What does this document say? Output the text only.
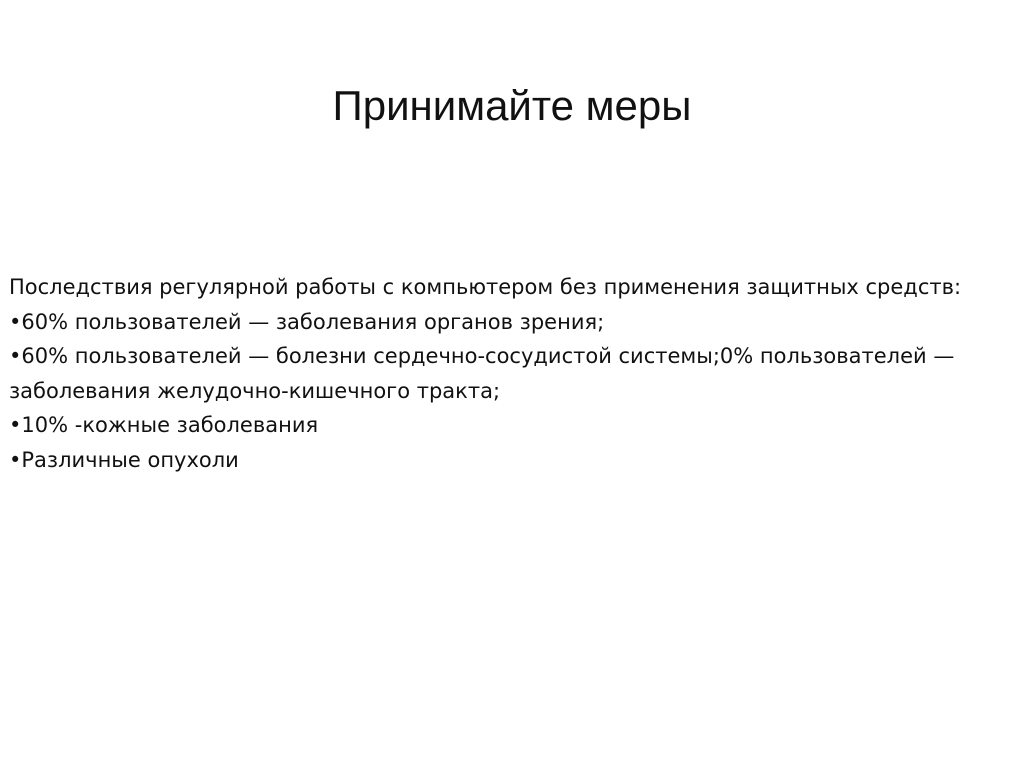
Принимайте меры

Последствия регулярной работы с компьютером без применения защитных средств:

•60% пользователей — заболевания органов зрения;

•60% пользователей — болезни сердечно-сосудистой системы;0% пользователей — заболевания желудочно-кишечного тракта;

•10% -кожные заболевания

•Различные опухоли
